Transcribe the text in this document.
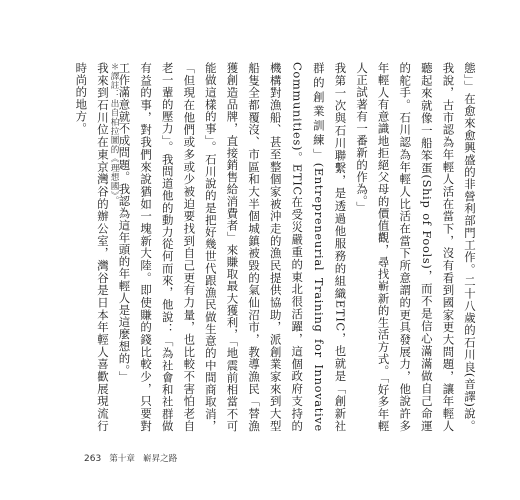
態」」在愈來愈興盛的非營利部門工作。二十八歲的石川良(音譯)說。我說，古市認為年輕人活在當下，沒有看到國家更大問題，讓年輕人聽起來就像一船笨蛋(Ship of Fools)，而不是信心滿滿做自己命運的舵手。石川認為年輕人比活在當下所意謂的更具發展力，他說許多年輕人有意識地拒絕父母的價值觀，尋找嶄新的生活方式。「好多年輕人正試著有一番新的作為。」

我第一次與石川聯繫，是透過他服務的組織ETIC，也就是「創新社群的創業訓練」(Entrepreneurial Training for Innovative Communities)。ETIC在受災嚴重的東北很活躍，這個政府支持的機構對漁船、甚至整個家被沖走的漁民提供協助，派創業家來到大型船隻全都覆沒、市區和大半個城鎮被毀的氣仙沼市，教導漁民「替漁獲創造品牌，直接銷售給消費者」來賺取最大獲利，「地震前相當不可能做這樣的事」。石川說的是把好幾世代跟漁民做生意的中間商取消，「但現在他們或多或少被迫要找到自己更有力量，也比較不害怕老自老一輩的壓力」。我問道他的動力從何而來，他說：「為社會和社群做有益的事，對我們來說猶如一塊新大陸。即使賺的錢比較少，只要對工作滿意就不成問題。我認為這年頭的年輕人是這麼想的。」

我來到石川位在東京灣谷的辦公室，灣谷是日本年輕人喜歡展現流行時尚的地方。	＊譯註：出自柏拉圖的《理想國》。
263 第十章 嶄昇之路
